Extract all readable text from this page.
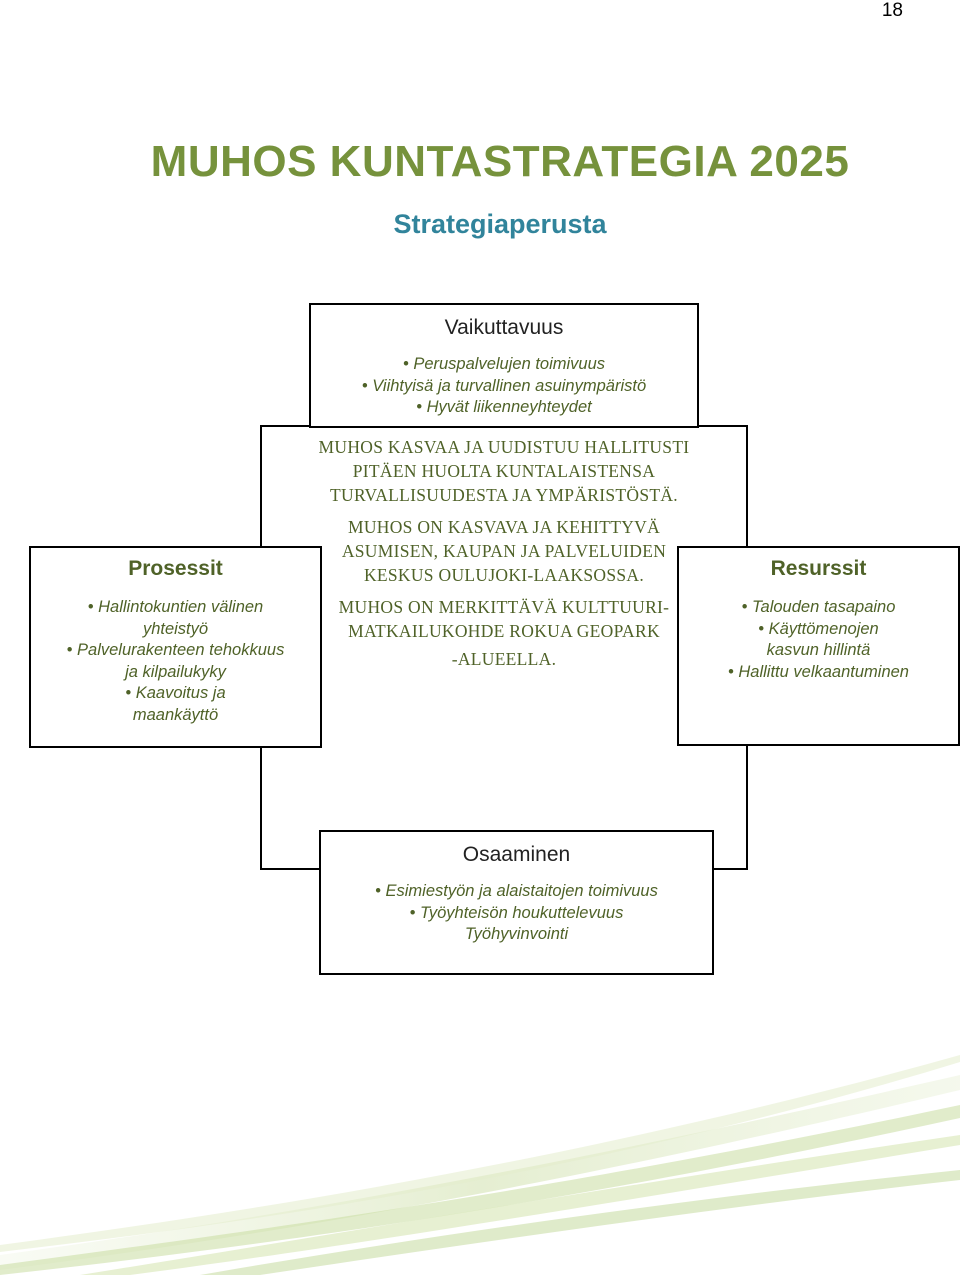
18
MUHOS KUNTASTRATEGIA 2025
Strategiaperusta
MUHOS KASVAA JA UUDISTUU HALLITUSTI
PITÄEN HUOLTA KUNTALAISTENSA
TURVALLISUUDESTA JA YMPÄRISTÖSTÄ.
MUHOS ON KASVAVA JA KEHITTYVÄ
ASUMISEN, KAUPAN JA PALVELUIDEN
KESKUS OULUJOKI-LAAKSOSSA.
MUHOS ON MERKITTÄVÄ KULTTUURI-
MATKAILUKOHDE ROKUA GEOPARK
-ALUEELLA.
Vaikuttavuus
• Peruspalvelujen toimivuus
• Viihtyisä ja turvallinen asuinympäristö
• Hyvät liikenneyhteydet
Prosessit
• Hallintokuntien välinen
yhteistyö
• Palvelurakenteen tehokkuus
ja kilpailukyky
• Kaavoitus ja
maankäyttö
Resurssit
• Talouden tasapaino
• Käyttömenojen
kasvun hillintä
• Hallittu velkaantuminen
Osaaminen
• Esimiestyön ja alaistaitojen toimivuus
• Työyhteisön houkuttelevuus
Työhyvinvointi
